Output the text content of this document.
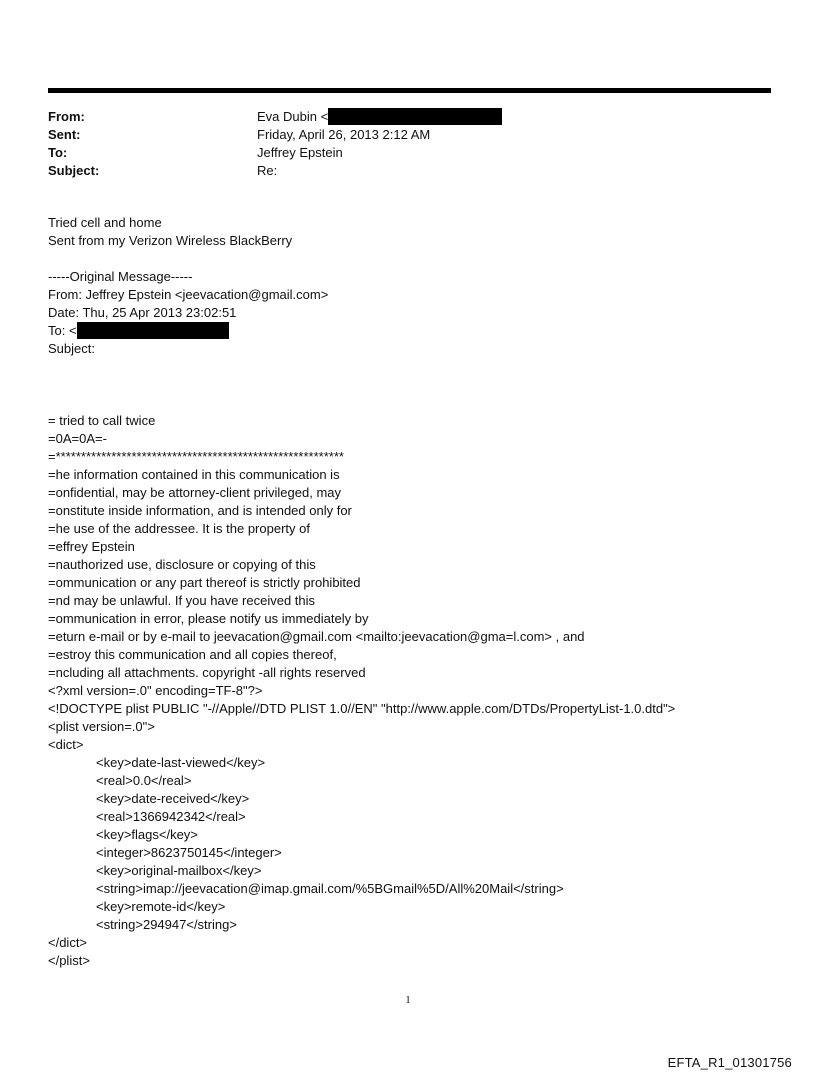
From:	Eva Dubin <
Sent:	Friday, April 26, 2013 2:12 AM
To:	Jeffrey Epstein
Subject:	Re:
Tried cell and home
Sent from my Verizon Wireless BlackBerry
-----Original Message-----
From: Jeffrey Epstein <jeevacation@gmail.com>
Date: Thu, 25 Apr 2013 23:02:51
To: <
Subject:
= tried to call twice
=0A=0A=-
=*********************************************************
=he information contained in this communication is
=onfidential, may be attorney-client privileged, may
=onstitute inside information, and is intended only for
=he use of the addressee. It is the property of
=effrey Epstein
=nauthorized use, disclosure or copying of this
=ommunication or any part thereof is strictly prohibited
=nd may be unlawful. If you have received this
=ommunication in error, please notify us immediately by
=eturn e-mail or by e-mail to jeevacation@gmail.com <mailto:jeevacation@gma=l.com> , and
=estroy this communication and all copies thereof,
=ncluding all attachments. copyright -all rights reserved
<?xml version=.0" encoding=TF-8"?>
<!DOCTYPE plist PUBLIC "-//Apple//DTD PLIST 1.0//EN" "http://www.apple.com/DTDs/PropertyList-1.0.dtd">
<plist version=.0">
<dict>
<key>date-last-viewed</key>
<real>0.0</real>
<key>date-received</key>
<real>1366942342</real>
<key>flags</key>
<integer>8623750145</integer>
<key>original-mailbox</key>
<string>imap://jeevacation@imap.gmail.com/%5BGmail%5D/All%20Mail</string>
<key>remote-id</key>
<string>294947</string>
</dict>
</plist>
1
EFTA_R1_01301756
